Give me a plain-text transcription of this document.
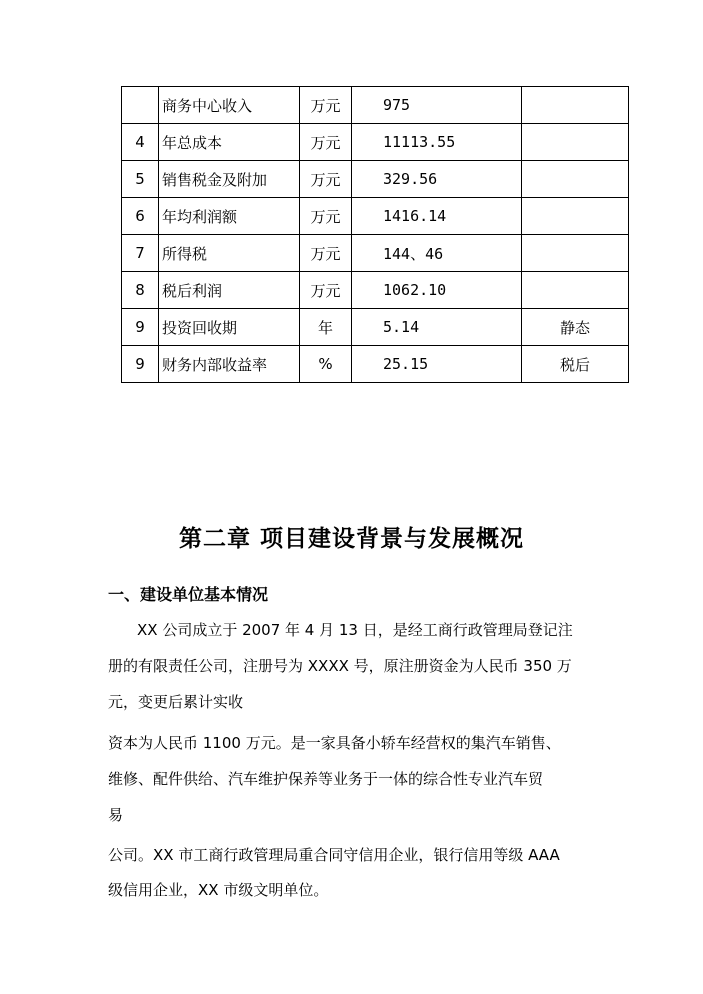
	商务中心收入	万元	975	
4	年总成本	万元	11113.55	
5	销售税金及附加	万元	329.56	
6	年均利润额	万元	1416.14	
7	所得税	万元	144、46	
8	税后利润	万元	1062.10	
9	投资回收期	年	5.14	静态
9	财务内部收益率	%	25.15	税后
第二章 项目建设背景与发展概况
一、建设单位基本情况
XX 公司成立于 2007 年 4 月 13 日，是经工商行政管理局登记注
册的有限责任公司，注册号为 XXXX 号，原注册资金为人民币 350 万
元，变更后累计实收
资本为人民币 1100 万元。是一家具备小轿车经营权的集汽车销售、
维修、配件供给、汽车维护保养等业务于一体的综合性专业汽车贸
易
公司。XX 市工商行政管理局重合同守信用企业，银行信用等级 AAA
级信用企业，XX 市级文明单位。
